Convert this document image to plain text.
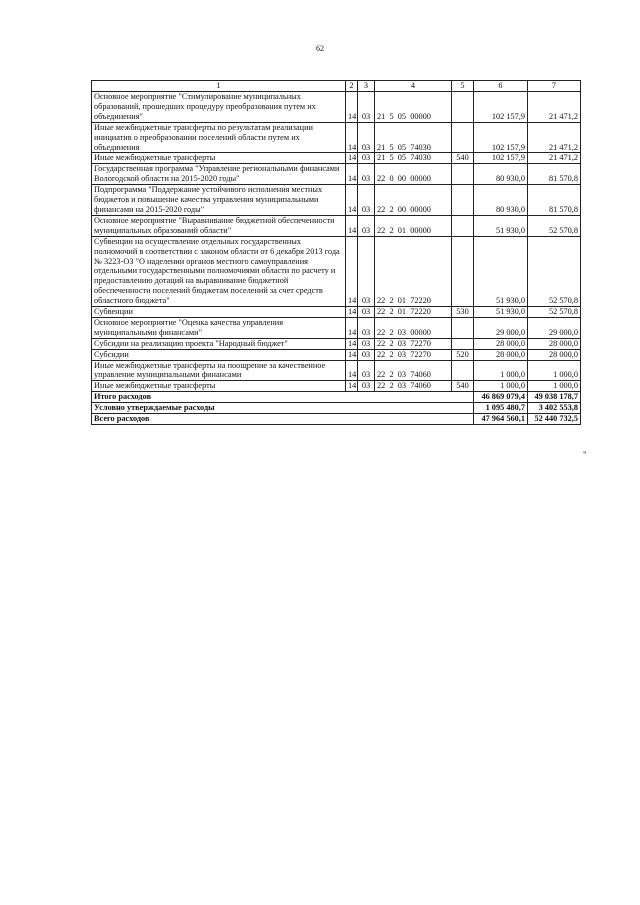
62
1	2	3	4	5	6	7
Основное мероприятие "Стимулирование муниципальных образований, прошедших процедуру преобразования путем их объединения"	14	03	21  5  05  00000		102 157,9	21 471,2
Иные межбюджетные трансферты по результатам реализации инициатив о преобразовании поселений области путем их объединения	14	03	21  5  05  74030		102 157,9	21 471,2
Иные межбюджетные трансферты	14	03	21  5  05  74030	540	102 157,9	21 471,2
Государственная программа "Управление региональными финансами Вологодской области на 2015-2020 годы"	14	03	22  0  00  00000		80 930,0	81 570,8
Подпрограмма "Поддержание устойчивого исполнения местных бюджетов и повышение качества управления муниципальными финансами на 2015-2020 годы"	14	03	22  2  00  00000		80 930,0	81 570,8
Основное мероприятие "Выравнивание бюджетной обеспеченности муниципальных образований области"	14	03	22  2  01  00000		51 930,0	52 570,8
Субвенции на осуществление отдельных государственных полномочий в соответствии с законом области от 6 декабря 2013 года № 3223-ОЗ "О наделении органов местного самоуправления отдельными государственными полномочиями области по расчету и предоставлению дотаций на выравнивание бюджетной обеспеченности поселений бюджетам поселений за счет средств областного бюджета"	14	03	22  2  01  72220		51 930,0	52 570,8
Субвенции	14	03	22  2  01  72220	530	51 930,0	52 570,8
Основное мероприятие "Оценка качества управления муниципальными финансами"	14	03	22  2  03  00000		29 000,0	29 000,0
Субсидии на реализацию проекта "Народный бюджет"	14	03	22  2  03  72270		28 000,0	28 000,0
Субсидии	14	03	22  2  03  72270	520	28 000,0	28 000,0
Иные межбюджетные трансферты на поощрение за качественное управление муниципальными финансами	14	03	22  2  03  74060		1 000,0	1 000,0
Иные межбюджетные трансферты	14	03	22  2  03  74060	540	1 000,0	1 000,0
Итого расходов					46 869 079,4	49 038 178,7
Условно утверждаемые расходы					1 095 480,7	3 402 553,8
Всего расходов					47 964 560,1	52 440 732,5
"
